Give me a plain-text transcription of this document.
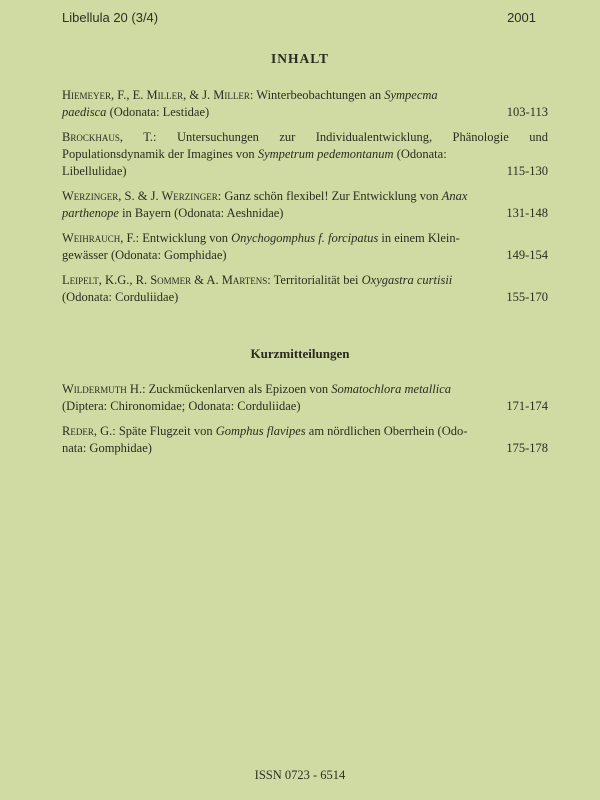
Libellula 20 (3/4)	2001
INHALT

Hiemeyer, F., E. Miller, & J. Miller: Winterbeobachtungen an Sympecma

paedisca (Odonata: Lestidae)	103-113

Brockhaus, T.: Untersuchungen zur Individualentwicklung, Phänologie und Populationsdynamik der Imagines von Sympetrum pedemontanum (Odonata:

Libellulidae)	115-130

Werzinger, S. & J. Werzinger: Ganz schön flexibel! Zur Entwicklung von Anax

parthenope in Bayern (Odonata: Aeshnidae)	131-148

Weihrauch, F.: Entwicklung von Onychogomphus f. forcipatus in einem Klein-

gewässer (Odonata: Gomphidae)	149-154

Leipelt, K.G., R. Sommer & A. Martens: Territorialität bei Oxygastra curtisii

(Odonata: Corduliidae)	155-170
Kurzmitteilungen

Wildermuth H.: Zuckmückenlarven als Epizoen von Somatochlora metallica

(Diptera: Chironomidae; Odonata: Corduliidae)	171-174

Reder, G.: Späte Flugzeit von Gomphus flavipes am nördlichen Oberrhein (Odo-

nata: Gomphidae)	175-178
ISSN 0723 - 6514
